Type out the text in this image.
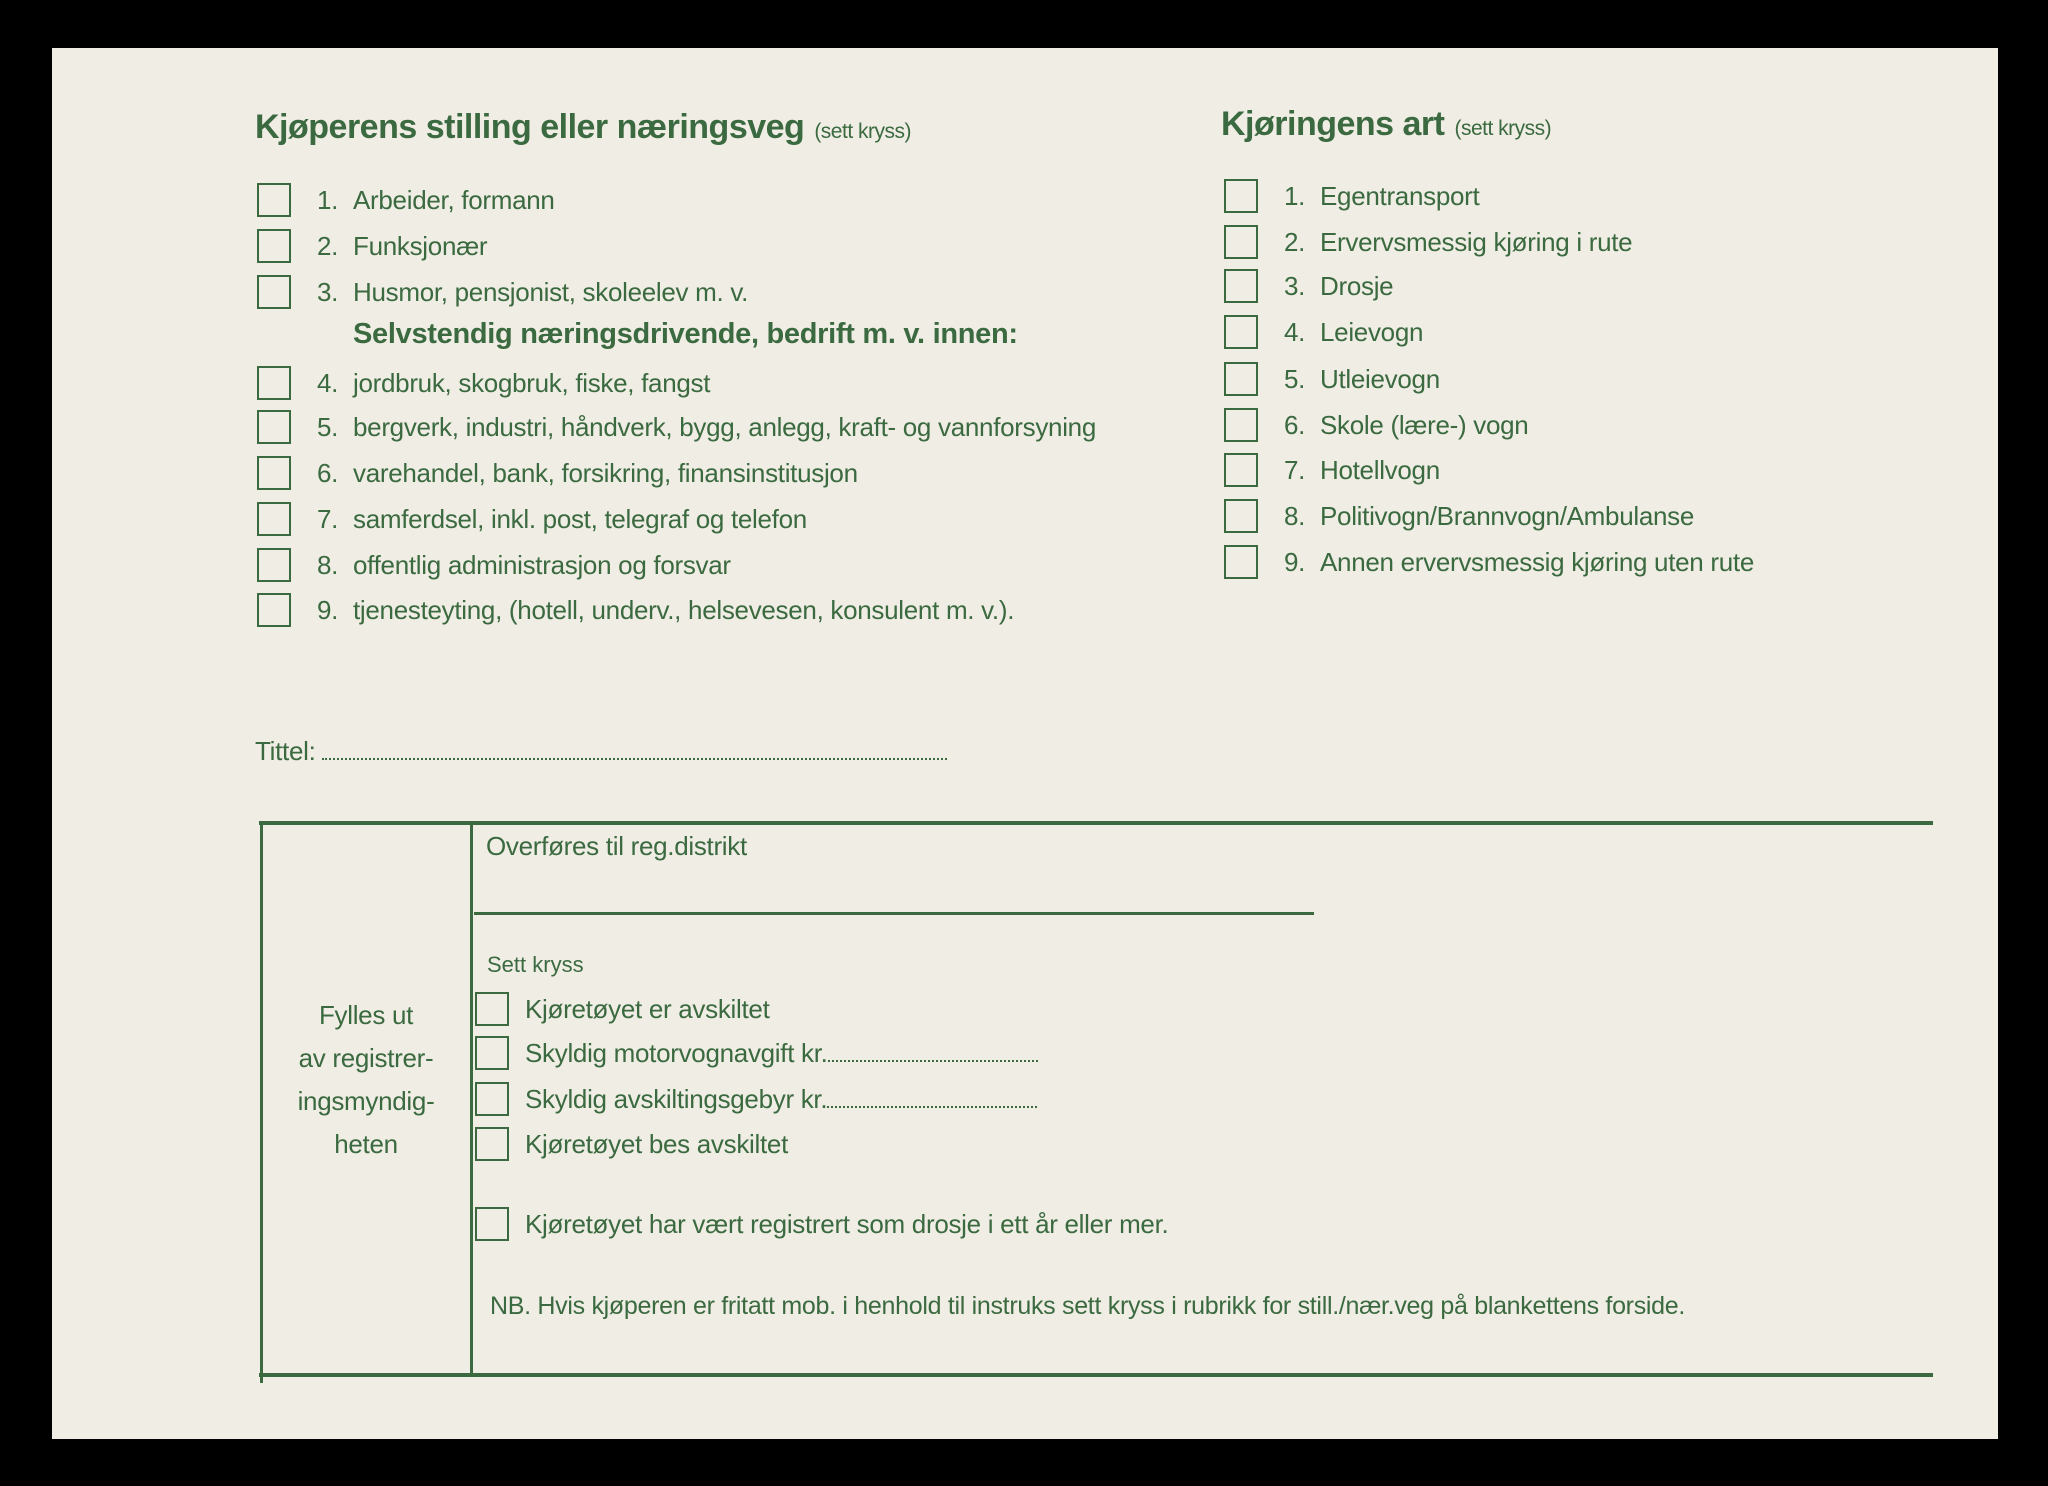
Kjøperens stilling eller næringsveg (sett kryss)
1. Arbeider, formann
2. Funksjonær
3. Husmor, pensjonist, skoleelev m. v.
4. jordbruk, skogbruk, fiske, fangst
5. bergverk, industri, håndverk, bygg, anlegg, kraft- og vannforsyning
6. varehandel, bank, forsikring, finansinstitusjon
7. samferdsel, inkl. post, telegraf og telefon
8. offentlig administrasjon og forsvar
9. tjenesteyting, (hotell, underv., helsevesen, konsulent m. v.).
Selvstendig næringsdrivende, bedrift m. v. innen:
Kjøringens art (sett kryss)
1. Egentransport
2. Ervervsmessig kjøring i rute
3. Drosje
4. Leievogn
5. Utleievogn
6. Skole (lære-) vogn
7. Hotellvogn
8. Politivogn/Brannvogn/Ambulanse
9. Annen ervervsmessig kjøring uten rute
Tittel:
Overføres til reg.distrikt
Sett kryss
Fylles ut
av registrer-
ingsmyndig-
heten
Kjøretøyet er avskiltet
Skyldig motorvognavgift kr.
Skyldig avskiltingsgebyr kr.
Kjøretøyet bes avskiltet
Kjøretøyet har vært registrert som drosje i ett år eller mer.
NB. Hvis kjøperen er fritatt mob. i henhold til instruks sett kryss i rubrikk for still./nær.veg på blankettens forside.
